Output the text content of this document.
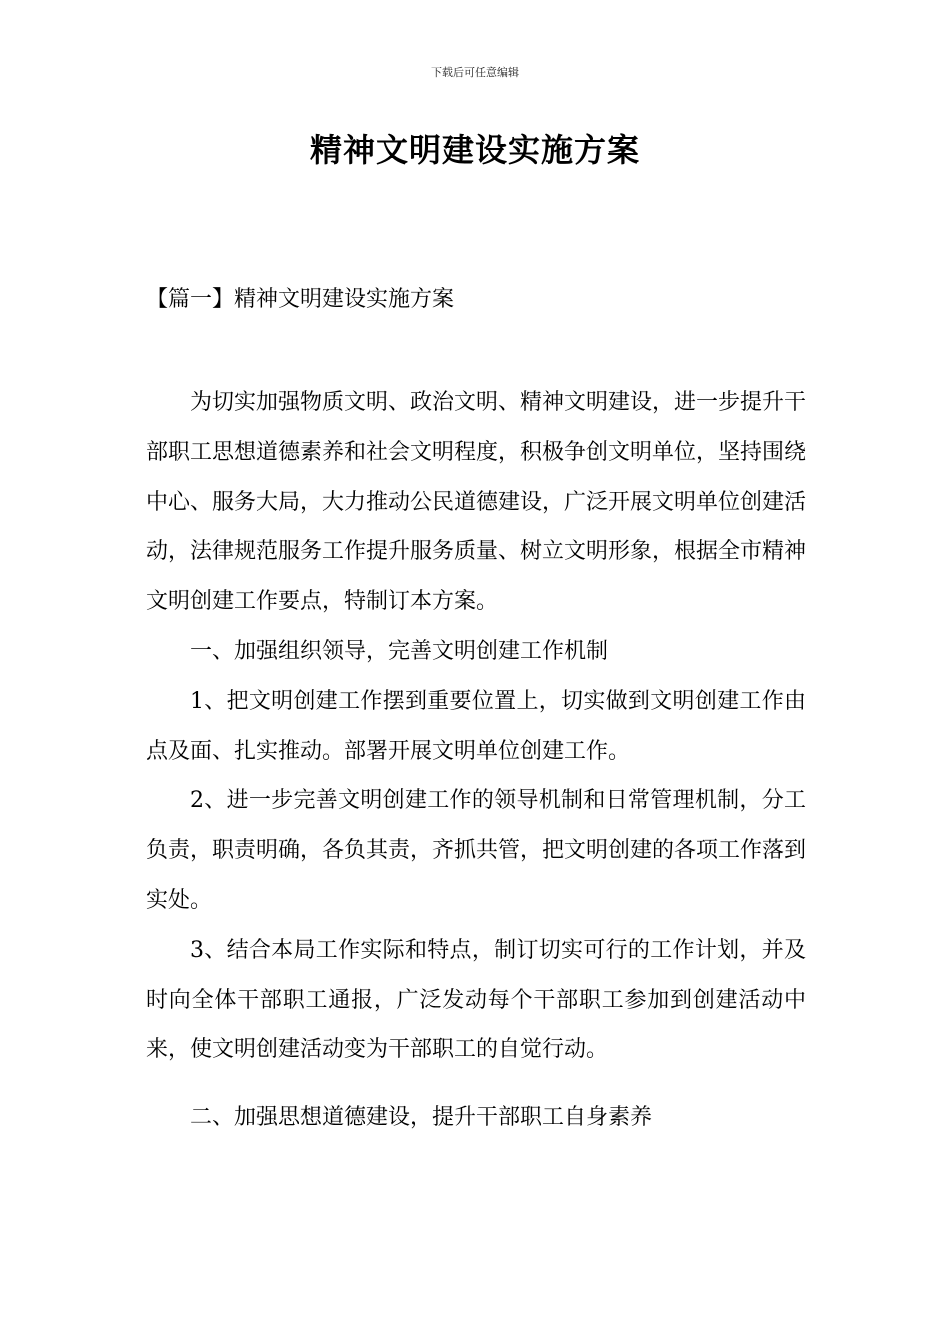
下载后可任意编辑
精神文明建设实施方案
【篇一】精神文明建设实施方案

为切实加强物质文明、政治文明、精神文明建设，进一步提升干部职工思想道德素养和社会文明程度，积极争创文明单位，坚持围绕中心、服务大局，大力推动公民道德建设，广泛开展文明单位创建活动，法律规范服务工作提升服务质量、树立文明形象，根据全市精神文明创建工作要点，特制订本方案。

一、加强组织领导，完善文明创建工作机制

1、把文明创建工作摆到重要位置上，切实做到文明创建工作由点及面、扎实推动。部署开展文明单位创建工作。

2、进一步完善文明创建工作的领导机制和日常管理机制，分工负责，职责明确，各负其责，齐抓共管，把文明创建的各项工作落到实处。

3、结合本局工作实际和特点，制订切实可行的工作计划，并及时向全体干部职工通报，广泛发动每个干部职工参加到创建活动中来，使文明创建活动变为干部职工的自觉行动。

二、加强思想道德建设，提升干部职工自身素养
